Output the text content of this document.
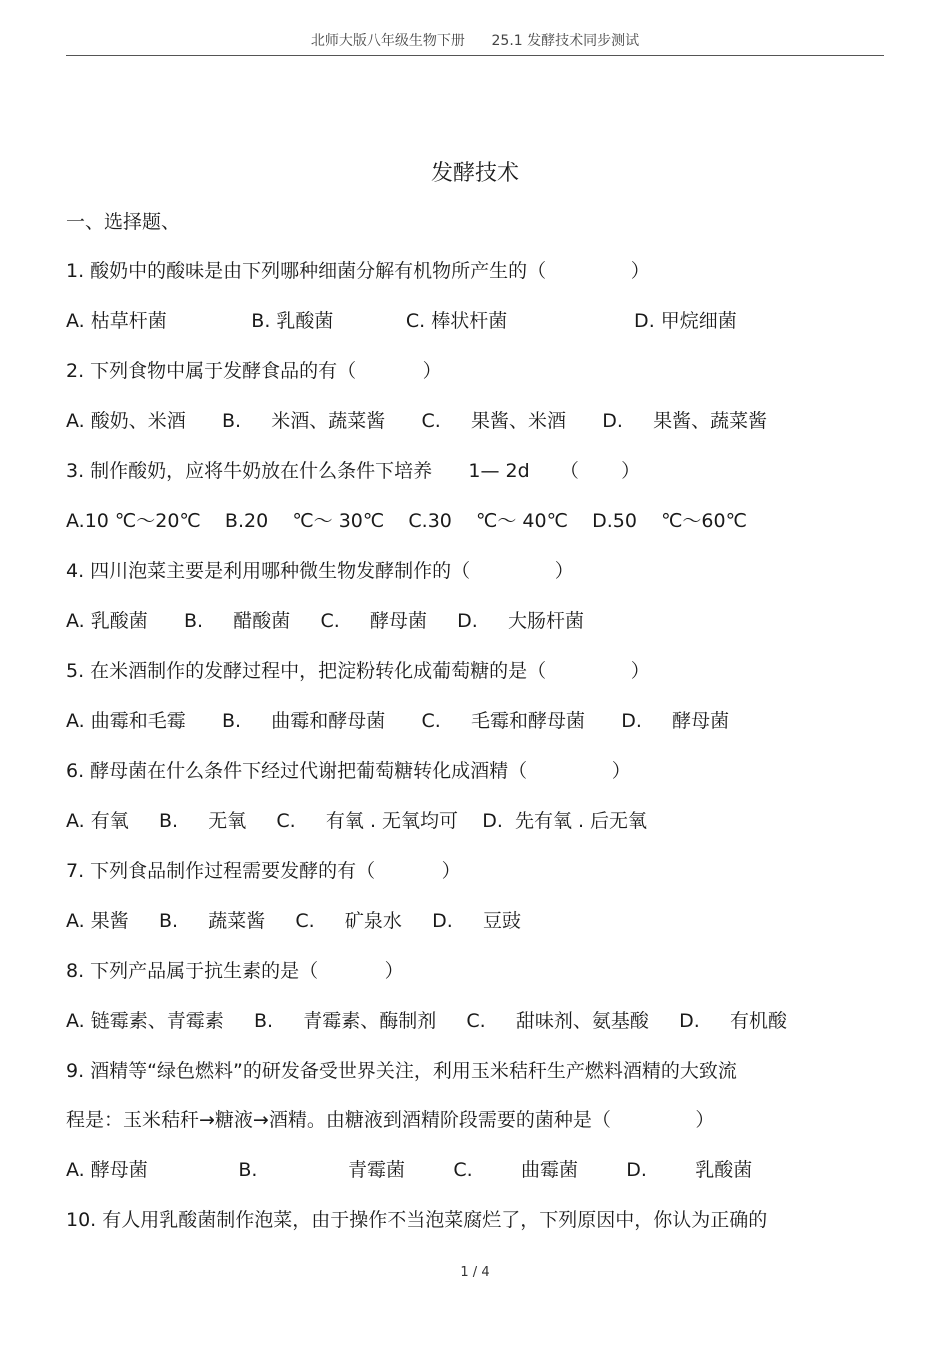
北师大版八年级生物下册      25.1 发酵技术同步测试
发酵技术
一、选择题、
1. 酸奶中的酸味是由下列哪种细菌分解有机物所产生的（              ）
A. 枯草杆菌              B. 乳酸菌            C. 棒状杆菌                     D. 甲烷细菌
2. 下列食物中属于发酵食品的有（           ）
A. 酸奶、米酒      B.     米酒、蔬菜酱      C.     果酱、米酒      D.     果酱、蔬菜酱
3. 制作酸奶，应将牛奶放在什么条件下培养      1— 2d     （       ）
A.10 ℃～20℃    B.20    ℃～ 30℃    C.30    ℃～ 40℃    D.50    ℃～60℃
4. 四川泡菜主要是利用哪种微生物发酵制作的（              ）
A. 乳酸菌      B.     醋酸菌     C.     酵母菌     D.     大肠杆菌
5. 在米酒制作的发酵过程中，把淀粉转化成葡萄糖的是（              ）
A. 曲霉和毛霉      B.     曲霉和酵母菌      C.     毛霉和酵母菌      D.     酵母菌
6. 酵母菌在什么条件下经过代谢把葡萄糖转化成酒精（              ）
A. 有氧     B.     无氧     C.     有氧 . 无氧均可    D.  先有氧 . 后无氧
7. 下列食品制作过程需要发酵的有（           ）
A. 果酱     B.     蔬菜酱     C.     矿泉水     D.     豆豉
8. 下列产品属于抗生素的是（           ）
A. 链霉素、青霉素     B.     青霉素、酶制剂     C.     甜味剂、氨基酸     D.     有机酸
9. 酒精等“绿色燃料”的研发备受世界关注，利用玉米秸秆生产燃料酒精的大致流
程是：玉米秸秆→糖液→酒精。由糖液到酒精阶段需要的菌种是（              ）
A. 酵母菌               B.               青霉菌        C.        曲霉菌        D.        乳酸菌
10. 有人用乳酸菌制作泡菜，由于操作不当泡菜腐烂了，下列原因中，你认为正确的
1 / 4
